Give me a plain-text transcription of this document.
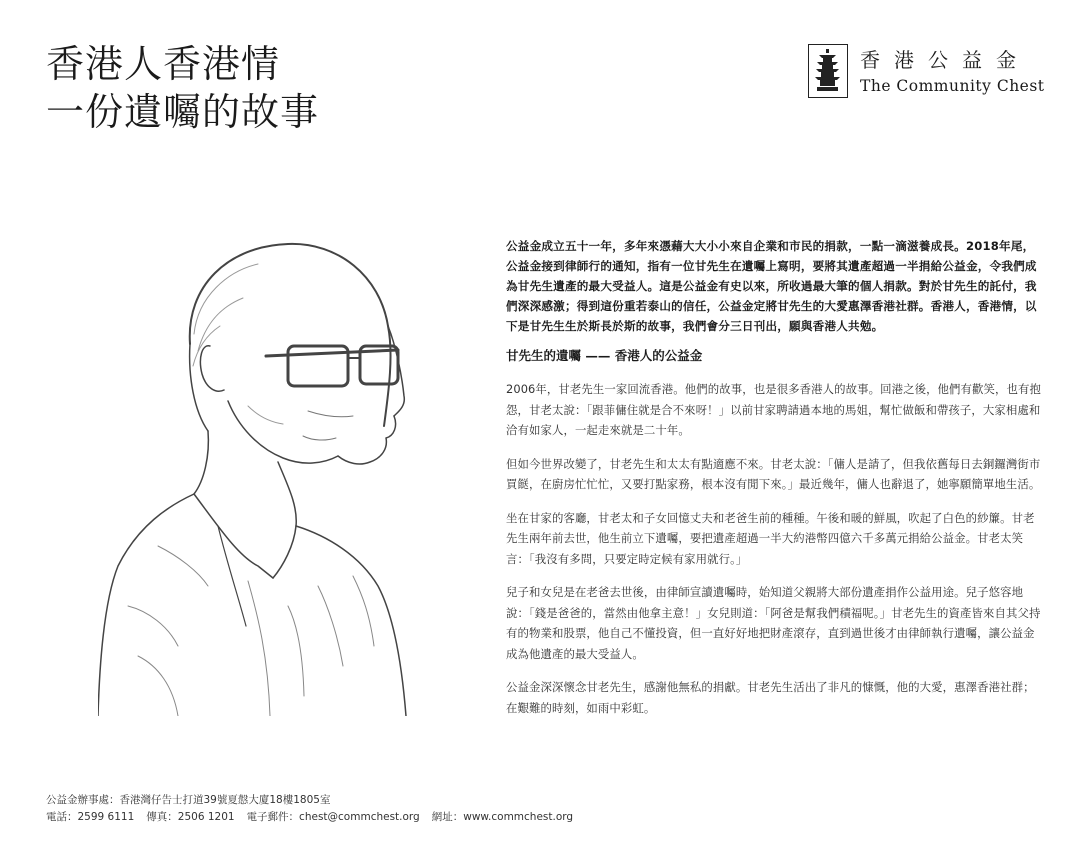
香港人香港情
一份遺囑的故事
香港公益金
The Community Chest

公益金成立五十一年，多年來憑藉大大小小來自企業和市民的捐款，一點一滴滋養成長。2018年尾，公益金接到律師行的通知，指有一位甘先生在遺囑上寫明，要將其遺產超過一半捐給公益金，令我們成為甘先生遺產的最大受益人。這是公益金有史以來，所收過最大筆的個人捐款。對於甘先生的託付，我們深深感激；得到這份重若泰山的信任，公益金定將甘先生的大愛惠澤香港社群。香港人，香港情，以下是甘先生生於斯長於斯的故事，我們會分三日刊出，願與香港人共勉。

甘先生的遺囑 —— 香港人的公益金

2006年，甘老先生一家回流香港。他們的故事，也是很多香港人的故事。回港之後，他們有歡笑，也有抱怨，甘老太說：「跟菲傭住就是合不來呀！」以前甘家聘請過本地的馬姐，幫忙做飯和帶孩子，大家相處和洽有如家人，一起走來就是二十年。

但如今世界改變了，甘老先生和太太有點適應不來。甘老太說：「傭人是請了，但我依舊每日去銅鑼灣街市買餸，在廚房忙忙忙，又要打點家務，根本沒有閒下來。」最近幾年，傭人也辭退了，她寧願簡單地生活。

坐在甘家的客廳，甘老太和子女回憶丈夫和老爸生前的種種。午後和暖的鮮風，吹起了白色的紗簾。甘老先生兩年前去世，他生前立下遺囑，要把遺產超過一半大約港幣四億六千多萬元捐給公益金。甘老太笑言：「我沒有多問，只要定時定候有家用就行。」

兒子和女兒是在老爸去世後，由律師宣讀遺囑時，始知道父親將大部份遺產捐作公益用途。兒子悠容地說：「錢是爸爸的，當然由他拿主意！」女兒則道：「阿爸是幫我們積福呢。」甘老先生的資產皆來自其父持有的物業和股票，他自己不懂投資，但一直好好地把財產滾存，直到過世後才由律師執行遺囑，讓公益金成為他遺產的最大受益人。

公益金深深懷念甘老先生，感謝他無私的捐獻。甘老先生活出了非凡的慷慨，他的大愛，惠澤香港社群；在艱難的時刻，如雨中彩虹。

公益金辦事處：香港灣仔告士打道39號夏慤大廈18樓1805室
電話：2599 6111 傳真：2506 1201 電子郵件：chest@commchest.org 網址：www.commchest.org
